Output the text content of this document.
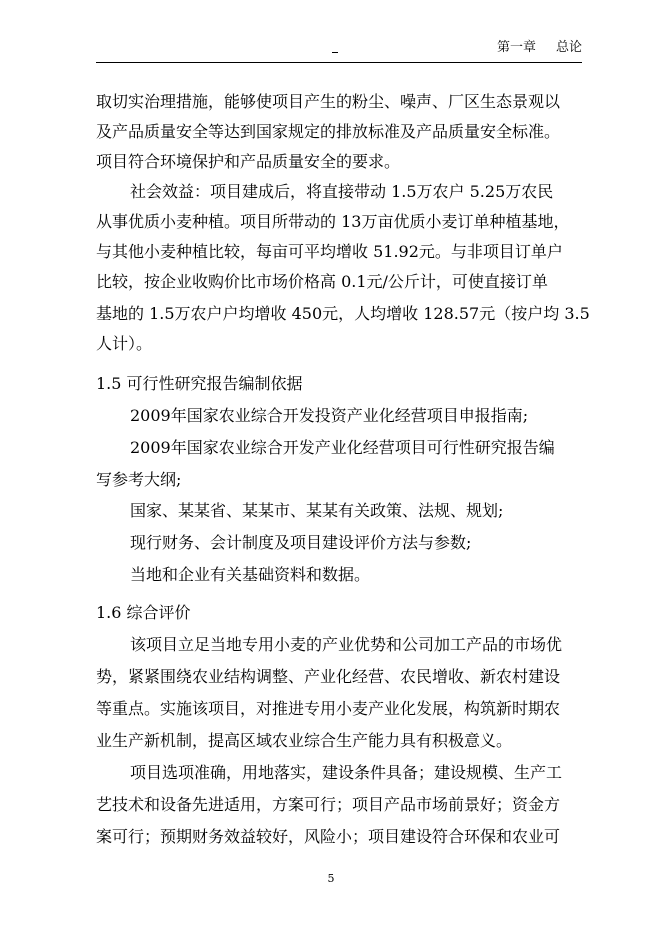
第一章 总论
取切实治理措施，能够使项目产生的粉尘、噪声、厂区生态景观以
及产品质量安全等达到国家规定的排放标准及产品质量安全标准。
项目符合环境保护和产品质量安全的要求。
社会效益：项目建成后，将直接带动 1.5万农户 5.25万农民
从事优质小麦种植。项目所带动的 13万亩优质小麦订单种植基地，
与其他小麦种植比较，每亩可平均增收 51.92元。与非项目订单户
比较，按企业收购价比市场价格高 0.1元/公斤计，可使直接订单
基地的 1.5万农户户均增收 450元，人均增收 128.57元（按户均 3.5
人计）。
1.5 可行性研究报告编制依据
2009年国家农业综合开发投资产业化经营项目申报指南;
2009年国家农业综合开发产业化经营项目可行性研究报告编
写参考大纲;
国家、某某省、某某市、某某有关政策、法规、规划;
现行财务、会计制度及项目建设评价方法与参数;
当地和企业有关基础资料和数据。
1.6 综合评价
该项目立足当地专用小麦的产业优势和公司加工产品的市场优
势，紧紧围绕农业结构调整、产业化经营、农民增收、新农村建设
等重点。实施该项目，对推进专用小麦产业化发展，构筑新时期农
业生产新机制，提高区域农业综合生产能力具有积极意义。
项目选项准确，用地落实，建设条件具备；建设规模、生产工
艺技术和设备先进适用，方案可行；项目产品市场前景好；资金方
案可行；预期财务效益较好，风险小；项目建设符合环保和农业可
5
